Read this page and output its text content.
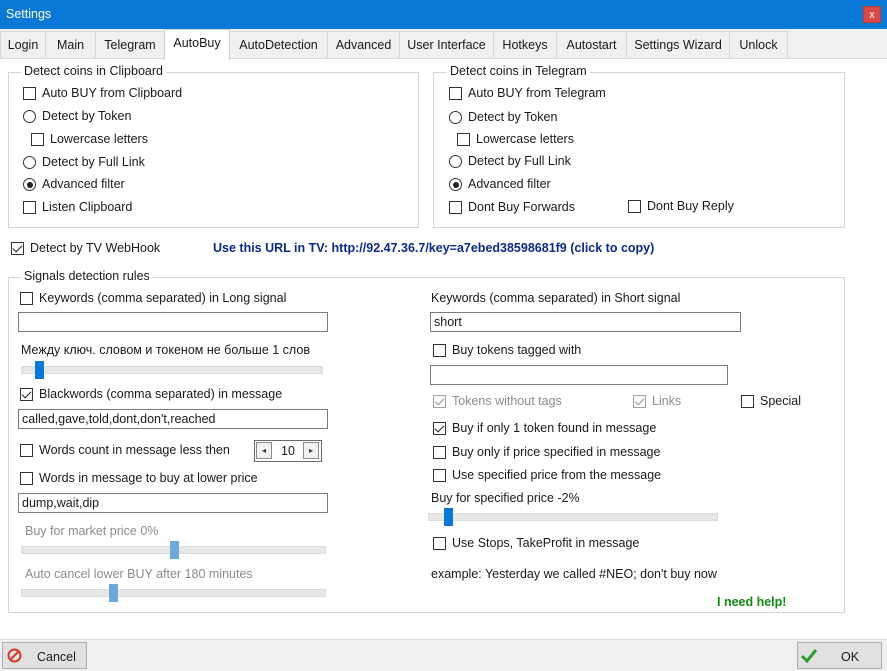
Settings	x
Login	Main	Telegram	AutoBuy	AutoDetection	Advanced	User Interface	Hotkeys	Autostart	Settings Wizard	Unlock
Detect coins in Clipboard
Auto BUY from Clipboard
Detect by Token
Lowercase letters
Detect by Full Link
Advanced filter
Listen Clipboard
Detect coins in Telegram
Auto BUY from Telegram
Detect by Token
Lowercase letters
Detect by Full Link
Advanced filter
Dont Buy Forwards	Dont Buy Reply
Detect by TV WebHook	Use this URL in TV: http://92.47.36.7/key=a7ebed38598681f9 (click to copy)
Signals detection rules
Keywords (comma separated) in Long signal
Между ключ. словом и токеном не больше 1 слов
Blackwords (comma separated) in message
called,gave,told,dont,don't,reached
Words count in message less then	◂	10	▸
Words in message to buy at lower price
dump,wait,dip
Buy for market price 0%
Auto cancel lower BUY after 180 minutes
Keywords (comma separated) in Short signal
short
Buy tokens tagged with
Tokens without tags	Links	Special
Buy if only 1 token found in message
Buy only if price specified in message
Use specified price from the message
Buy for specified price -2%
Use Stops, TakeProfit in message
example: Yesterday we called #NEO; don't buy now
I need help!
Cancel	OK
